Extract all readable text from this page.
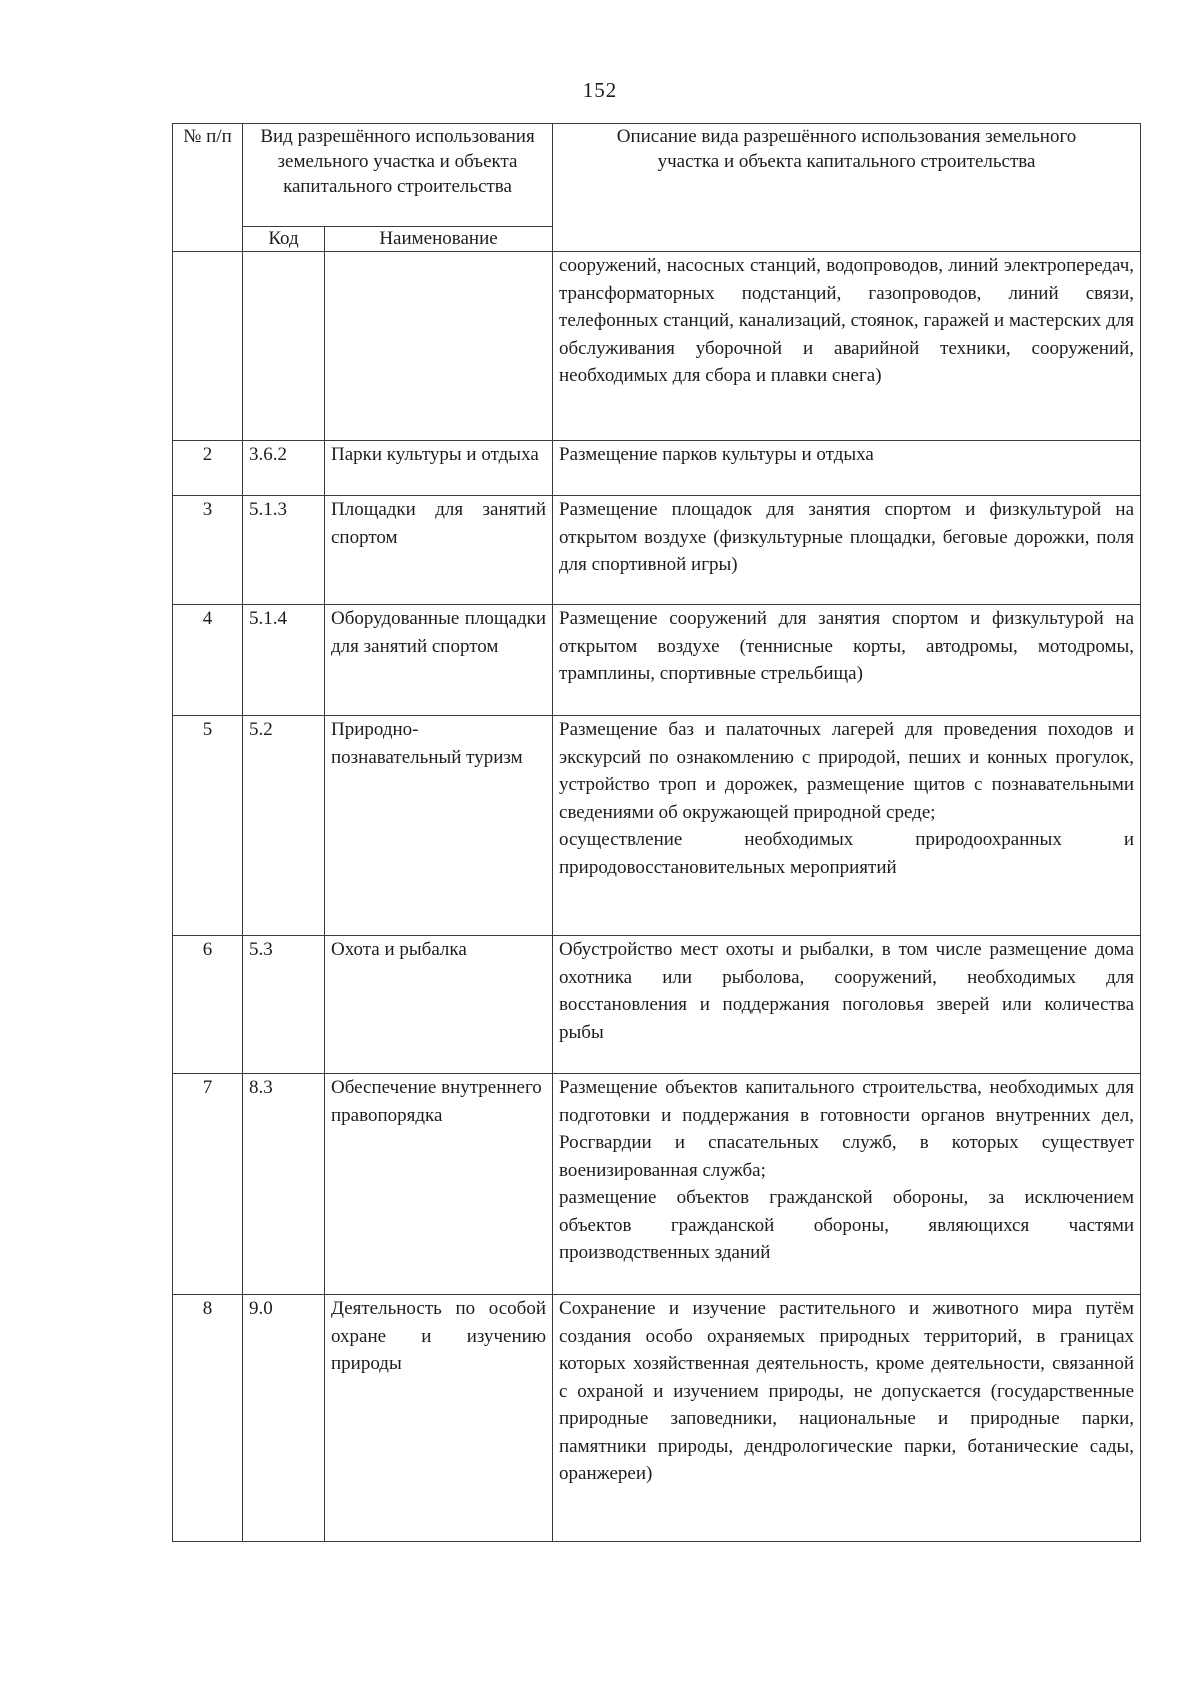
152
№ п/п	Вид разрешённого использования земельного участка и объекта капитального строительства		Описание вида разрешённого использования земельного участка и объекта капитального строительства
	Код	Наименование	

			сооружений, насосных станций, водопроводов, линий электропередач, трансформаторных подстанций, газопроводов, линий связи, телефонных станций, канализаций, стоянок, гаражей и мастерских для обслуживания уборочной и аварийной техники, сооружений, необходимых для сбора и плавки снега)

2	3.6.2	Парки культуры и отдыха	Размещение парков культуры и отдыха

3	5.1.3	Площадки для занятий спортом	Размещение площадок для занятия спортом и физкультурой на открытом воздухе (физкультурные площадки, беговые дорожки, поля для спортивной игры)

4	5.1.4	Оборудованные площадки для занятий спортом	Размещение сооружений для занятия спортом и физкультурой на открытом воздухе (теннисные корты, автодромы, мотодромы, трамплины, спортивные стрельбища)

5	5.2	Природно-познавательный туризм	Размещение баз и палаточных лагерей для проведения походов и экскурсий по ознакомлению с природой, пеших и конных прогулок, устройство троп и дорожек, размещение щитов с познавательными сведениями об окружающей природной среде;

осуществление необходимых природоохранных и природовосстановительных мероприятий

6	5.3	Охота и рыбалка	Обустройство мест охоты и рыбалки, в том числе размещение дома охотника или рыболова, сооружений, необходимых для восстановления и поддержания поголовья зверей или количества рыбы

7	8.3	Обеспечение внутреннего правопорядка	Размещение объектов капитального строительства, необходимых для подготовки и поддержания в готовности органов внутренних дел, Росгвардии и спасательных служб, в которых существует военизированная служба;

размещение объектов гражданской обороны, за исключением объектов гражданской обороны, являющихся частями производственных зданий

8	9.0	Деятельность по особой охране и изучению природы	Сохранение и изучение растительного и животного мира путём создания особо охраняемых природных территорий, в границах которых хозяйственная деятельность, кроме деятельности, связанной с охраной и изучением природы, не допускается (государственные природные заповедники, национальные и природные парки, памятники природы, дендрологические парки, ботанические сады, оранжереи)
